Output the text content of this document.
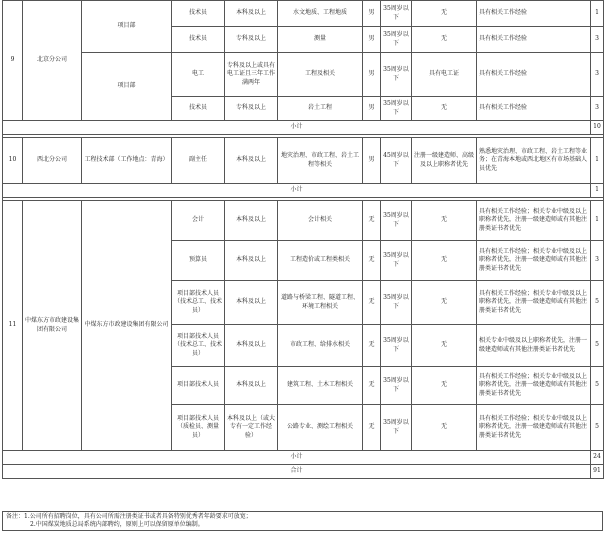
9	北京分公司	项目部	技术员	本科及以上	水文地质、工程地质	男	35周岁以下	无	具有相关工作经验	1
			技术员	专科及以上	测量	男	35周岁以下	无	具有相关工作经验	3
		项目部	电工	专科及以上或具有电工证且三年工作满两年	工程及相关	男	35周岁以下	具有电工证	具有相关工作经验	3
			技术员	专科及以上	岩土工程	男	35周岁以下	无	具有相关工作经验	3
小计										10

10	西北分公司	工程技术部（工作地点：青海）	副主任	本科及以上	地灾治理、市政工程、岩土工程等相关	男	45周岁以下	注册一级建造师、高级及以上职称者优先	熟悉地灾治理、市政工程、岩土工程等业务；在青海本地或西北地区有市场基础人员优先	1
小计										1

11	中煤东方市政建设集团有限公司	中煤东方市政建设集团有限公司	会计	本科及以上	会计相关	无	35周岁以下	无	具有相关工作经验；相关专业中级及以上职称者优先，注册一级建造师或有其他注册类证书者优先	1
			预算员	本科及以上	工程造价或工程类相关	无	35周岁以下	无	具有相关工作经验；相关专业中级及以上职称者优先，注册一级建造师或有其他注册类证书者优先	3
			项目部技术人员（技术总工、技术员）	本科及以上	道路与桥梁工程、隧道工程、环境工程相关	无	35周岁以下	无	具有相关工作经验；相关专业中级及以上职称者优先，注册一级建造师或有其他注册类证书者优先	5
			项目部技术人员（技术总工、技术员）	本科及以上	市政工程、给排水相关	无	35周岁以下	无	相关专业中级及以上职称者优先，注册一级建造师或有其他注册类证书者优先	5
			项目部技术人员	本科及以上	建筑工程、土木工程相关	无	35周岁以下	无	具有相关工作经验；相关专业中级及以上职称者优先，注册一级建造师或有其他注册类证书者优先	5
			项目部技术人员（质检员、测量员）	本科及以上（或大专有一定工作经验）	公路专业、测绘工程相关	无	35周岁以下	无	具有相关工作经验；相关专业中级及以上职称者优先，注册一级建造师或有其他注册类证书者优先	5
小计										24
合计										91
备注：1.公司所有招聘岗位，具有公司所需注册类证书或者具备特别优秀者年龄要求可放宽；
2.中国煤炭地质总局系统内部聘约，原则上可以保留原单位编制。
